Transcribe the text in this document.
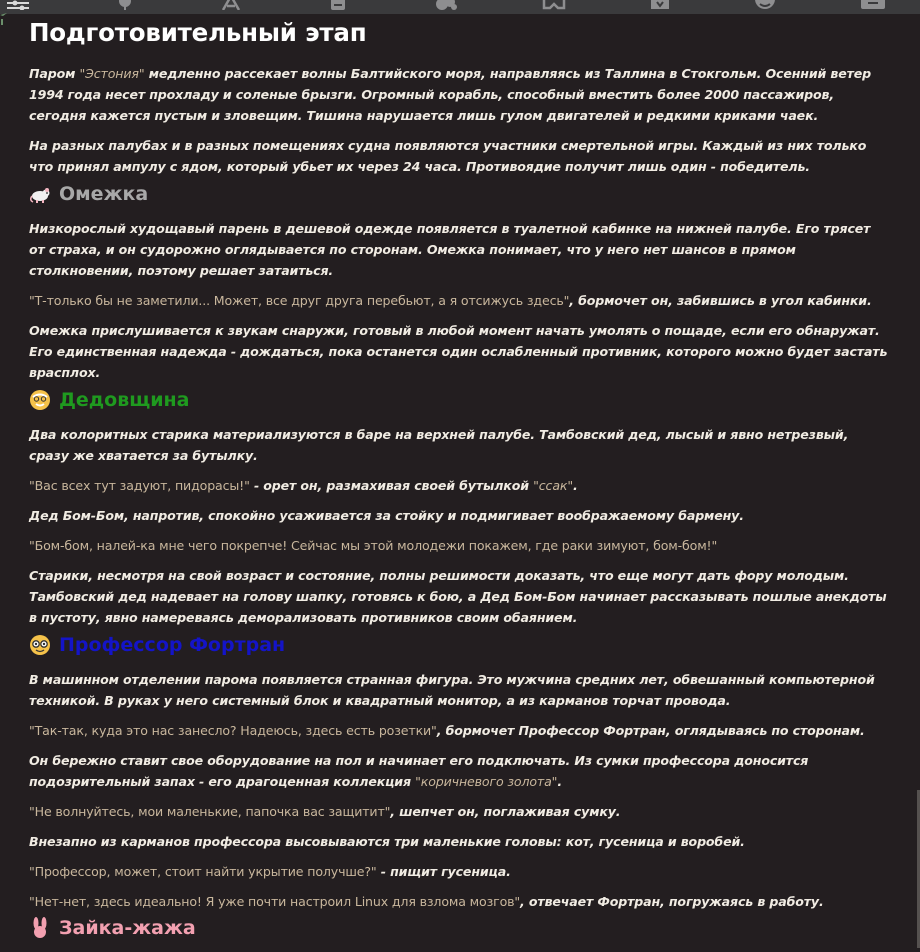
Подготовительный этап

Паром "Эстония" медленно рассекает волны Балтийского моря, направляясь из Таллина в Стокгольм. Осенний ветер 1994 года несет прохладу и соленые брызги. Огромный корабль, способный вместить более 2000 пассажиров, сегодня кажется пустым и зловещим. Тишина нарушается лишь гулом двигателей и редкими криками чаек.

На разных палубах и в разных помещениях судна появляются участники смертельной игры. Каждый из них только что принял ампулу с ядом, который убьет их через 24 часа. Противоядие получит лишь один - победитель.

Омежка

Низкорослый худощавый парень в дешевой одежде появляется в туалетной кабинке на нижней палубе. Его трясет от страха, и он судорожно оглядывается по сторонам. Омежка понимает, что у него нет шансов в прямом столкновении, поэтому решает затаиться.

"Т-только бы не заметили... Может, все друг друга перебьют, а я отсижусь здесь", бормочет он, забившись в угол кабинки.

Омежка прислушивается к звукам снаружи, готовый в любой момент начать умолять о пощаде, если его обнаружат. Его единственная надежда - дождаться, пока останется один ослабленный противник, которого можно будет застать врасплох.

Дедовщина

Два колоритных старика материализуются в баре на верхней палубе. Тамбовский дед, лысый и явно нетрезвый, сразу же хватается за бутылку.

"Вас всех тут задуют, пидорасы!" - орет он, размахивая своей бутылкой "ссак".

Дед Бом-Бом, напротив, спокойно усаживается за стойку и подмигивает воображаемому бармену.

"Бом-бом, налей-ка мне чего покрепче! Сейчас мы этой молодежи покажем, где раки зимуют, бом-бом!"

Старики, несмотря на свой возраст и состояние, полны решимости доказать, что еще могут дать фору молодым. Тамбовский дед надевает на голову шапку, готовясь к бою, а Дед Бом-Бом начинает рассказывать пошлые анекдоты в пустоту, явно намереваясь деморализовать противников своим обаянием.

Профессор Фортран

В машинном отделении парома появляется странная фигура. Это мужчина средних лет, обвешанный компьютерной техникой. В руках у него системный блок и квадратный монитор, а из карманов торчат провода.

"Так-так, куда это нас занесло? Надеюсь, здесь есть розетки", бормочет Профессор Фортран, оглядываясь по сторонам.

Он бережно ставит свое оборудование на пол и начинает его подключать. Из сумки профессора доносится подозрительный запах - его драгоценная коллекция "коричневого золота".

"Не волнуйтесь, мои маленькие, папочка вас защитит", шепчет он, поглаживая сумку.

Внезапно из карманов профессора высовываются три маленькие головы: кот, гусеница и воробей.

"Профессор, может, стоит найти укрытие получше?" - пищит гусеница.

"Нет-нет, здесь идеально! Я уже почти настроил Linux для взлома мозгов", отвечает Фортран, погружаясь в работу.

Зайка-жажа
